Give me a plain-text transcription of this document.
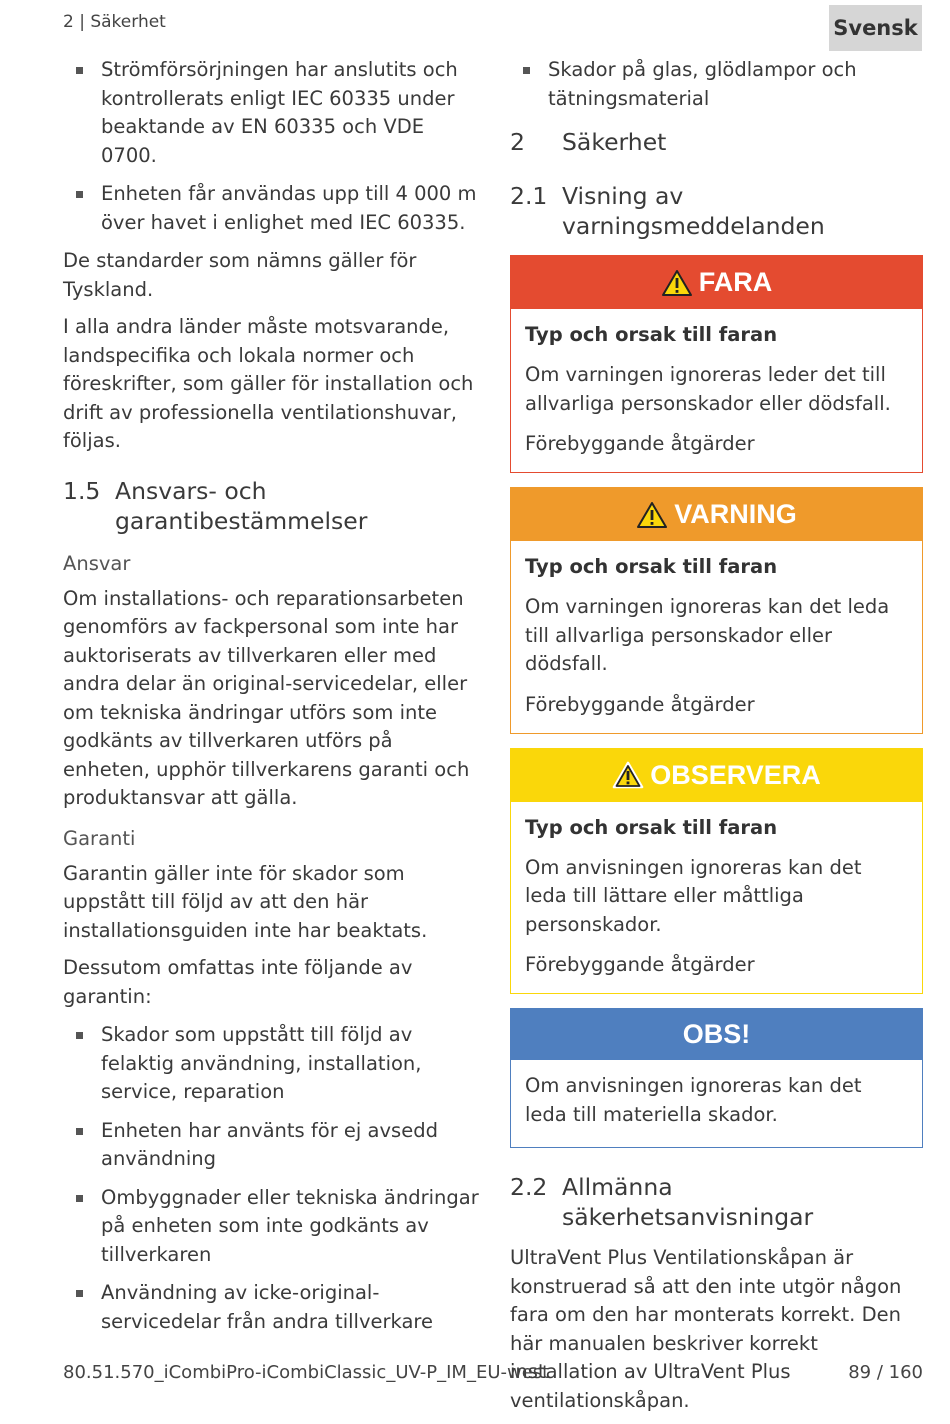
2 | Säkerhet	Svensk
Strömförsörjningen har anslutits och kontrollerats enligt IEC 60335 under beaktande av EN 60335 och VDE 0700.
Enheten får användas upp till 4 000 m över havet i enlighet med IEC 60335.

De standarder som nämns gäller för Tyskland.

I alla andra länder måste motsvarande, landspecifika och lokala normer och föreskrifter, som gäller för installation och drift av professionella ventilationshuvar, följas.

1.5 Ansvars- och garantibestämmelser
Ansvar

Om installations- och reparationsarbeten genomförs av fackpersonal som inte har auktoriserats av tillverkaren eller med andra delar än original-servicedelar, eller om tekniska ändringar utförs som inte godkänts av tillverkaren utförs på enheten, upphör tillverkarens garanti och produktansvar att gälla.

Garanti

Garantin gäller inte för skador som uppstått till följd av att den här installationsguiden inte har beaktats.

Dessutom omfattas inte följande av garantin:

Skador som uppstått till följd av felaktig användning, installation, service, reparation
Enheten har använts för ej avsedd användning
Ombyggnader eller tekniska ändringar på enheten som inte godkänts av tillverkaren
Användning av icke-original-servicedelar från andra tillverkare
Skador på glas, glödlampor och tätningsmaterial
2	Säkerhet
2.1 Visning av varningsmeddelanden
FARA
Typ och orsak till faran
Om varningen ignoreras leder det till allvarliga personskador eller dödsfall.
Förebyggande åtgärder
VARNING
Typ och orsak till faran
Om varningen ignoreras kan det leda till allvarliga personskador eller dödsfall.
Förebyggande åtgärder
OBSERVERA
Typ och orsak till faran
Om anvisningen ignoreras kan det leda till lättare eller måttliga personskador.
Förebyggande åtgärder
OBS!
Om anvisningen ignoreras kan det leda till materiella skador.
2.2 Allmänna säkerhetsanvisningar

UltraVent Plus Ventilationskåpan är konstruerad så att den inte utgör någon fara om den har monterats korrekt. Den här manualen beskriver korrekt installation av UltraVent Plus ventilationskåpan.

80.51.570_iCombiPro-iCombiClassic_UV-P_IM_EU-west	89 / 160
